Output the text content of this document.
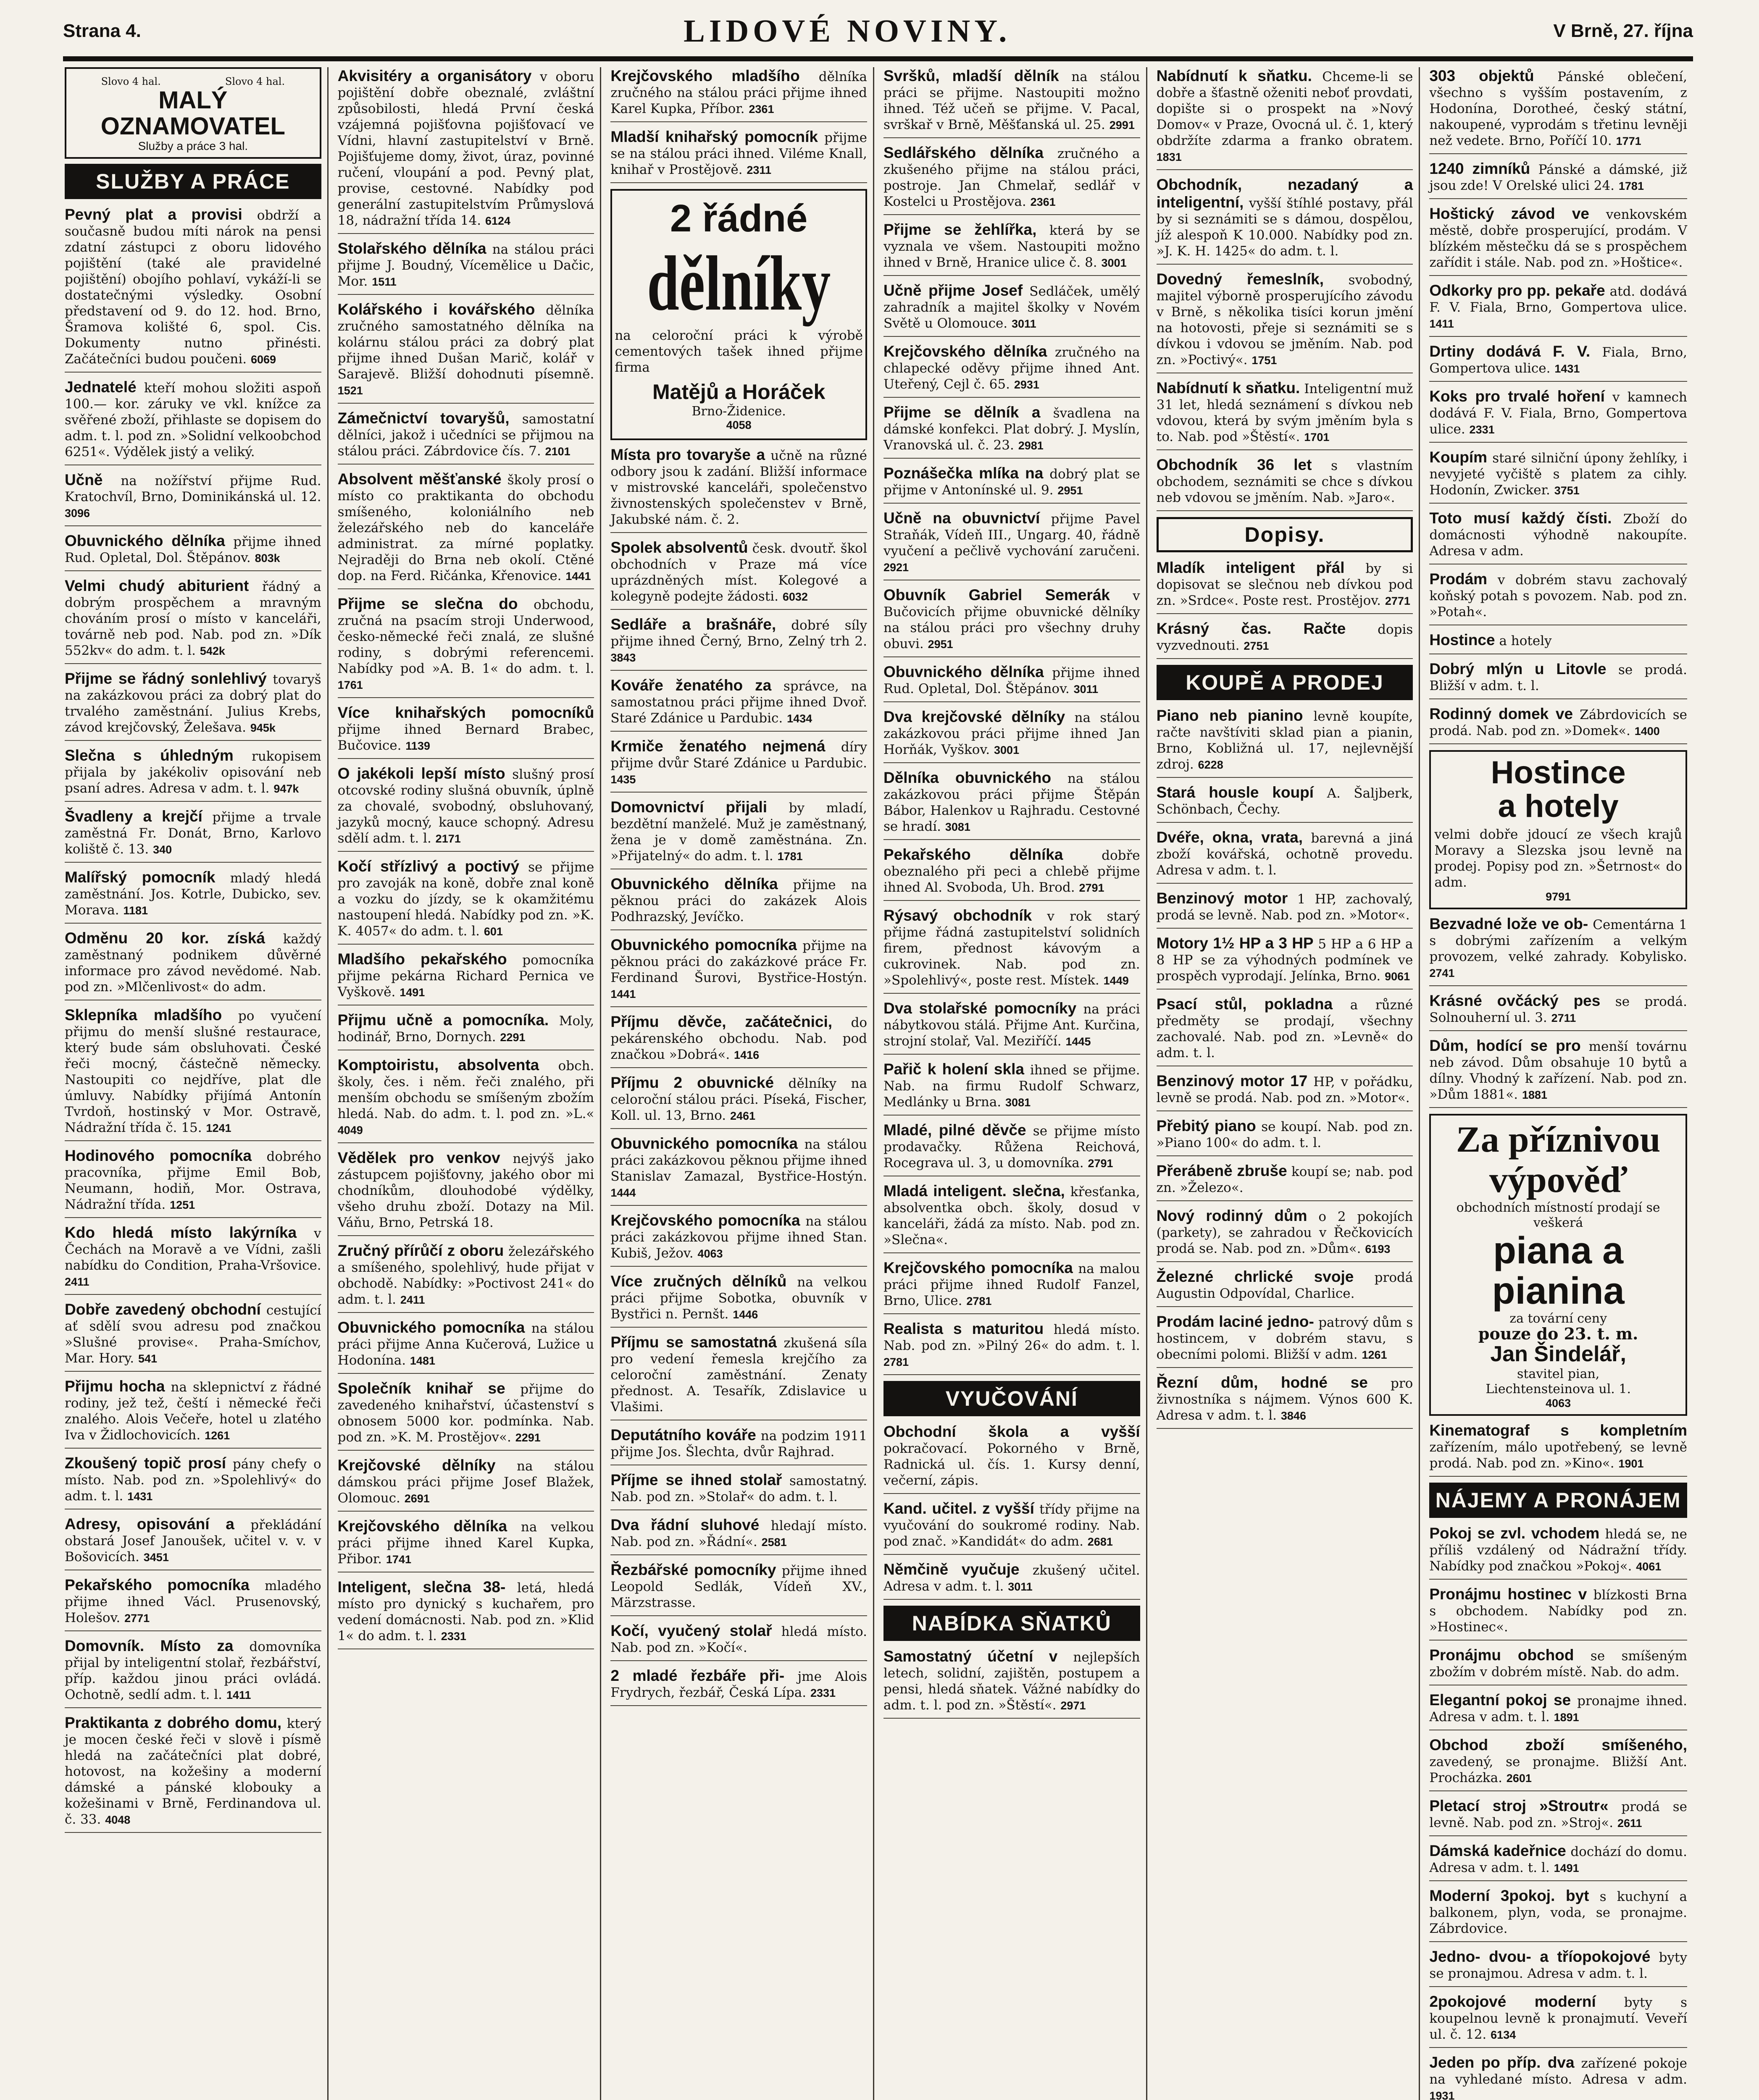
Strana 4.	LIDOVÉ NOVINY.	V Brně, 27. října
Slovo 4 hal.	Slovo 4 hal.
MALÝ OZNAMOVATEL
Služby a práce 3 hal.
SLUŽBY A PRÁCE
Pevný plat a provisi obdrží a současně budou míti nárok na pensi zdatní zástupci z oboru lidového pojištění (také ale pravidelné pojištění) obojího pohlaví, vykáží-li se dostatečnými výsledky. Osobní představení od 9. do 12. hod. Brno, Šramova kolišté 6, spol. Cis. Dokumenty nutno přinésti. Začátečníci budou poučeni. 6069
Jednatelé kteří mohou složiti aspoň 100.— kor. záruky ve vkl. knížce za svěřené zboží, přihlaste se dopisem do adm. t. l. pod zn. »Solidní velkoobchod 6251«. Výdělek jistý a veliký.
Učně na nožířství přijme Rud. Kratochvíl, Brno, Dominikánská ul. 12. 3096
Obuvnického dělníka přijme ihned Rud. Opletal, Dol. Štěpánov. 803k
Velmi chudý abiturient řádný a dobrým prospěchem a mravným chováním prosí o místo v kanceláři, továrně neb pod. Nab. pod zn. »Dík 552kv« do adm. t. l. 542k
Přijme se řádný sonlehlivý tovaryš na zakázkovou práci za dobrý plat do trvalého zaměstnání. Julius Krebs, závod krejčovský, Želešava. 945k
Slečna s úhledným rukopisem přijala by jakékoliv opisování neb psaní adres. Adresa v adm. t. l. 947k
Švadleny a krejčí přijme a trvale zaměstná Fr. Donát, Brno, Karlovo koliště č. 13. 340
Malířský pomocník mladý hledá zaměstnání. Jos. Kotrle, Dubicko, sev. Morava. 1181
Odměnu 20 kor. získá každý zaměstnaný podnikem důvěrné informace pro závod nevědomé. Nab. pod zn. »Mlčenlivost« do adm.
Sklepníka mladšího po vyučení přijmu do menší slušné restaurace, který bude sám obsluhovati. České řeči mocný, částečně německy. Nastoupiti co nejdříve, plat dle úmluvy. Nabídky přijímá Antonín Tvrdoň, hostinský v Mor. Ostravě, Nádražní třída č. 15. 1241
Hodinového pomocníka dobrého pracovníka, přijme Emil Bob, Neumann, hodiň, Mor. Ostrava, Nádražní třída. 1251
Kdo hledá místo lakýrníka v Čechách na Moravě a ve Vídni, zašli nabídku do Condition, Praha-Vršovice. 2411
Dobře zavedený obchodní cestující ať sdělí svou adresu pod značkou »Slušné provise«. Praha-Smíchov, Mar. Hory. 541
Přijmu hocha na sklepnictví z řádné rodiny, jež tež, čeští i německé řeči znalého. Alois Večeře, hotel u zlatého Iva v Židlochovicích. 1261
Zkoušený topič prosí pány chefy o místo. Nab. pod zn. »Spolehlivý« do adm. t. l. 1431
Adresy, opisování a překládání obstará Josef Janoušek, učitel v. v. v Bošovicích. 3451
Pekařského pomocníka mladého přijme ihned Václ. Prusenovský, Holešov. 2771
Domovník. Místo za domovníka přijal by inteligentní stolař, řezbářství, příp. každou jinou práci ovládá. Ochotně, sedlí adm. t. l. 1411
Praktikanta z dobrého domu, který je mocen české řeči v slově i písmě hledá na začátečníci plat dobré, hotovost, na kožešiny a moderní dámské a pánské klobouky a kožešinami v Brně, Ferdinandova ul. č. 33. 4048
Akvisitéry a organisátory v oboru pojištění dobře obeznalé, zvláštní způsobilosti, hledá První česká vzájemná pojišťovna pojišťovací ve Vídni, hlavní zastupitelství v Brně. Pojišťujeme domy, život, úraz, povinné ručení, vloupání a pod. Pevný plat, provise, cestovné. Nabídky pod generální zastupitelstvím Průmyslová 18, nádražní třída 14. 6124
Stolařského dělníka na stálou práci přijme J. Boudný, Vícemělice u Dačic, Mor. 1511
Kolářského i kovářského dělníka zručného samostatného dělníka na kolárnu stálou práci za dobrý plat přijme ihned Dušan Marič, kolář v Sarajevě. Bližší dohodnuti písemně. 1521
Zámečnictví tovaryšů, samostatní dělníci, jakož i učedníci se přijmou na stálou práci. Zábrdovice čís. 7. 2101
Absolvent měšťanské školy prosí o místo co praktikanta do obchodu smíšeného, koloniálního neb železářského neb do kanceláře administrat. za mírné poplatky. Nejraději do Brna neb okolí. Ctěné dop. na Ferd. Ričánka, Křenovice. 1441
Přijme se slečna do obchodu, zručná na psacím stroji Underwood, česko-německé řeči znalá, ze slušné rodiny, s dobrými referencemi. Nabídky pod »A. B. 1« do adm. t. l. 1761
Více knihařských pomocníků přijme ihned Bernard Brabec, Bučovice. 1139
O jakékoli lepší místo slušný prosí otcovské rodiny slušná obuvník, úplně za chovalé, svobodný, obsluhovaný, jazyků mocný, kauce schopný. Adresu sdělí adm. t. l. 2171
Kočí střízlivý a poctivý se přijme pro zavoják na koně, dobře znal koně a vozku do jízdy, se k okamžitému nastoupení hledá. Nabídky pod zn. »K. K. 4057« do adm. t. l. 601
Mladšího pekařského pomocníka přijme pekárna Richard Pernica ve Vyškově. 1491
Přijmu učně a pomocníka. Moly, hodinář, Brno, Dornych. 2291
Komptoiristu, absolventa obch. školy, čes. i něm. řeči znalého, při menším obchodu se smíšeným zbožím hledá. Nab. do adm. t. l. pod zn. »L.« 4049
Vědělek pro venkov nejvýš jako zástupcem pojišťovny, jakého obor mi chodníkům, dlouhodobé výdělky, všeho druhu zboží. Dotazy na Mil. Váňu, Brno, Petrská 18.
Zručný přírůčí z oboru železářského a smíšeného, spolehlivý, hude přijat v obchodě. Nabídky: »Poctivost 241« do adm. t. l. 2411
Obuvnického pomocníka na stálou práci přijme Anna Kučerová, Lužice u Hodonína. 1481
Společník knihař se přijme do zavedeného knihařství, účastenství s obnosem 5000 kor. podmínka. Nab. pod zn. »K. M. Prostějov«. 2291
Krejčovské dělníky na stálou dámskou práci přijme Josef Blažek, Olomouc. 2691
Krejčovského dělníka na velkou práci přijme ihned Karel Kupka, Přibor. 1741
Inteligent, slečna 38- letá, hledá místo pro dynický s kuchařem, pro vedení domácnosti. Nab. pod zn. »Klid 1« do adm. t. l. 2331
Krejčovského mladšího dělníka zručného na stálou práci přijme ihned Karel Kupka, Příbor. 2361
Mladší knihařský pomocník přijme se na stálou práci ihned. Viléme Knall, knihař v Prostějově. 2311
2 řádné
dělníky
na celoroční práci k výrobě cementových tašek ihned přijme firma
Matějů a Horáček
Brno-Židenice.
4058
Místa pro tovaryše a učně na různé odbory jsou k zadání. Bližší informace v mistrovské kanceláři, společenstvo živnostenských společenstev v Brně, Jakubské nám. č. 2.
Spolek absolventů česk. dvoutř. škol obchodních v Praze má více uprázdněných míst. Kolegové a kolegyně podejte žádosti. 6032
Sedláře a brašnáře, dobré síly přijme ihned Černý, Brno, Zelný trh 2. 3843
Kováře ženatého za správce, na samostatnou práci přijme ihned Dvoř. Staré Zdánice u Pardubic. 1434
Krmiče ženatého nejmená díry přijme dvůr Staré Zdánice u Pardubic. 1435
Domovnictví přijali by mladí, bezdětní manželé. Muž je zaměstnaný, žena je v domě zaměstnána. Zn. »Přijatelný« do adm. t. l. 1781
Obuvnického dělníka přijme na pěknou práci do zakázek Alois Podhrazský, Jevíčko.
Obuvnického pomocníka přijme na pěknou práci do zakázkové práce Fr. Ferdinand Šurovi, Bystřice-Hostýn. 1441
Příjmu děvče, začátečnici, do pekárenského obchodu. Nab. pod značkou »Dobrá«. 1416
Příjmu 2 obuvnické dělníky na celoroční stálou práci. Píseká, Fischer, Koll. ul. 13, Brno. 2461
Obuvnického pomocníka na stálou práci zakázkovou pěknou přijme ihned Stanislav Zamazal, Bystřice-Hostýn. 1444
Krejčovského pomocníka na stálou práci zakázkovou přijme ihned Stan. Kubiš, Ježov. 4063
Více zručných dělníků na velkou práci přijme Sobotka, obuvník v Bystřici n. Pernšt. 1446
Příjmu se samostatná zkušená síla pro vedení řemesla krejčího za celoroční zaměstnání. Zenaty přednost. A. Tesařík, Zdislavice u Vlašimi.
Deputátního kováře na podzim 1911 přijme Jos. Šlechta, dvůr Rajhrad.
Příjme se ihned stolař samostatný. Nab. pod zn. »Stolař« do adm. t. l.
Dva řádní sluhové hledají místo. Nab. pod zn. »Řádní«. 2581
Řezbářské pomocníky přijme ihned Leopold Sedlák, Vídeň XV., Märzstrasse.
Kočí, vyučený stolař hledá místo. Nab. pod zn. »Kočí«.
2 mladé řezbáře při- jme Alois Frydrych, řezbář, Česká Lípa. 2331
Svršků, mladší dělník na stálou práci se přijme. Nastoupiti možno ihned. Též učeň se přijme. V. Pacal, svrškař v Brně, Měšťanská ul. 25. 2991
Sedlářského dělníka zručného a zkušeného přijme na stálou práci, postroje. Jan Chmelař, sedlář v Kostelci u Prostějova. 2361
Přijme se žehlířka, která by se vyznala ve všem. Nastoupiti možno ihned v Brně, Hranice ulice č. 8. 3001
Učně přijme Josef Sedláček, umělý zahradník a majitel školky v Novém Světě u Olomouce. 3011
Krejčovského dělníka zručného na chlapecké oděvy přijme ihned Ant. Uteřený, Cejl č. 65. 2931
Přijme se dělník a švadlena na dámské konfekci. Plat dobrý. J. Myslín, Vranovská ul. č. 23. 2981
Poznášečka mlíka na dobrý plat se přijme v Antonínské ul. 9. 2951
Učně na obuvnictví přijme Pavel Straňák, Vídeň III., Ungarg. 40, řádně vyučení a pečlivě vychování zaručeni. 2921
Obuvník Gabriel Semerák v Bučovicích přijme obuvnické dělníky na stálou práci pro všechny druhy obuvi. 2951
Obuvnického dělníka přijme ihned Rud. Opletal, Dol. Štěpánov. 3011
Dva krejčovské dělníky na stálou zakázkovou práci přijme ihned Jan Horňák, Vyškov. 3001
Dělníka obuvnického na stálou zakázkovou práci přijme Štěpán Bábor, Halenkov u Rajhradu. Cestovné se hradí. 3081
Pekařského dělníka	dobře obeznalého při peci a chlebě přijme ihned Al. Svoboda, Uh. Brod. 2791
Rýsavý obchodník v rok starý přijme řádná zastupitelství solidních firem, přednost kávovým a cukrovinek. Nab. pod zn. »Spolehlivý«, poste rest. Místek. 1449
Dva stolařské pomocníky na práci nábytkovou stálá. Přijme Ant. Kurčina, strojní stolař, Val. Meziříčí. 1445
Pařič k holení skla ihned se přijme. Nab. na firmu Rudolf Schwarz, Medlánky u Brna. 3081
Mladé, pilné děvče se přijme místo prodavačky. Růžena Reichová, Rocegrava ul. 3, u domovníka. 2791
Mladá inteligent. slečna, křesťanka, absolventka obch. školy, dosud v kanceláři, žádá za místo. Nab. pod zn. »Slečna«.
Krejčovského pomocníka na malou práci přijme ihned Rudolf Fanzel, Brno, Ulice. 2781
Realista s maturitou hledá místo. Nab. pod zn. »Pilný 26« do adm. t. l. 2781
VYUČOVÁNÍ
Obchodní škola a vyšší pokračovací. Pokorného v Brně, Radnická ul. čís. 1. Kursy denní, večerní, zápis.
Kand. učitel. z vyšší třídy přijme na vyučování do soukromé rodiny. Nab. pod znač. »Kandidát« do adm. 2681
Němčině vyučuje zkušený učitel. Adresa v adm. t. l. 3011
NABÍDKA SŇATKŮ
Samostatný účetní v nejlepších letech, solidní, zajištěn, postupem a pensi, hledá sňatek. Vážné nabídky do adm. t. l. pod zn. »Štěstí«. 2971
Nabídnutí k sňatku. Chceme-li se dobře a šťastně oženiti neboť provdati, dopište si o prospekt na »Nový Domov« v Praze, Ovocná ul. č. 1, který obdržíte zdarma a franko obratem. 1831
Obchodník, nezadaný a inteligentní, vyšší štíhlé postavy, přál by si seznámiti se s dámou, dospělou, jíž alespoň K 10.000. Nabídky pod zn. »J. K. H. 1425« do adm. t. l.
Dovedný řemeslník, svobodný, majitel výborně prosperujícího závodu v Brně, s několika tisíci korun jmění na hotovosti, přeje si seznámiti se s dívkou i vdovou se jměním. Nab. pod zn. »Poctivý«. 1751
Nabídnutí k sňatku. Inteligentní muž 31 let, hledá seznámení s dívkou neb vdovou, která by svým jměním byla s to. Nab. pod »Štěstí«. 1701
Obchodník 36 let s vlastním obchodem, seznámiti se chce s dívkou neb vdovou se jměním. Nab. »Jaro«.
Dopisy.
Mladík inteligent přál by si dopisovat se slečnou neb dívkou pod zn. »Srdce«. Poste rest. Prostějov. 2771
Krásný čas. Račte dopis vyzvednouti. 2751
KOUPĚ A PRODEJ
Piano neb pianino levně koupíte, račte navštíviti sklad pian a pianin, Brno, Kobližná ul. 17, nejlevnější zdroj. 6228
Stará housle koupí A. Šaljberk, Schönbach, Čechy.
Dvéře, okna, vrata, barevná a jiná zboží kovářská, ochotně provedu. Adresa v adm. t. l.
Benzinový motor 1 HP, zachovalý, prodá se levně. Nab. pod zn. »Motor«.
Motory 1½ HP a 3 HP 5 HP a 6 HP a 8 HP se za výhodných podmínek ve prospěch vyprodají. Jelínka, Brno. 9061
Psací stůl, pokladna a různé předměty se prodají, všechny zachovalé. Nab. pod zn. »Levně« do adm. t. l.
Benzinový motor 17 HP, v pořádku, levně se prodá. Nab. pod zn. »Motor«.
Přebitý piano se koupí. Nab. pod zn. »Piano 100« do adm. t. l.
Přerábeně zbruše koupí se; nab. pod zn. »Železo«.
Nový rodinný dům o 2 pokojích (parkety), se zahradou v Řečkovicích prodá se. Nab. pod zn. »Dům«. 6193
Železné chrlické svoje prodá Augustin Odpovídal, Charlice.
Prodám laciné jedno- patrový dům s hostincem, v dobrém stavu, s obecními polomi. Bližší v adm. 1261
Řezní dům, hodné se pro živnostníka s nájmem. Výnos 600 K. Adresa v adm. t. l. 3846
303 objektů Pánské oblečení, všechno s vyšším postavením, z Hodonína, Dorotheé, český státní, nakoupené, vyprodám s třetinu levněji než vedete. Brno, Poříčí 10. 1771
1240 zimníků Pánské a dámské, již jsou zde! V Orelské ulici 24. 1781
Hoštický závod ve venkovském městě, dobře prosperující, prodám. V blízkém městečku dá se s prospěchem zařídit i stále. Nab. pod zn. »Hoštice«.
Odkorky pro pp. pekaře atd. dodává F. V. Fiala, Brno, Gompertova ulice. 1411
Drtiny dodává F. V. Fiala, Brno, Gompertova ulice. 1431
Koks pro trvalé hoření v kamnech dodává F. V. Fiala, Brno, Gompertova ulice. 2331
Koupím staré silniční úpony žehlíky, i nevyjeté vyčiště s platem za cihly. Hodonín, Zwicker. 3751
Toto musí každý čísti. Zboží do domácnosti výhodně nakoupíte. Adresa v adm.
Prodám v dobrém stavu zachovalý koňský potah s povozem. Nab. pod zn. »Potah«.
Hostince a hotely
Dobrý mlýn u Litovle se prodá. Bližší v adm. t. l.
Rodinný domek ve Zábrdovicích se prodá. Nab. pod zn. »Domek«. 1400
Hostince
a hotely
velmi dobře jdoucí ze všech krajů Moravy a Slezska jsou levně na prodej. Popisy pod zn. »Šetrnost« do adm.
9791
Bezvadné lože ve ob- Cementárna 1 s dobrými zařízením a velkým provozem, velké zahrady. Kobylisko. 2741
Krásné ovčácký pes se prodá. Solnouherní ul. 3. 2711
Dům, hodící se pro menší továrnu neb závod. Dům obsahuje 10 bytů a dílny. Vhodný k zařízení. Nab. pod zn. »Dům 1881«. 1881
Za příznivou výpověď
obchodních místností prodají se veškerá
piana a pianina
za tovární ceny
pouze do 23. t. m.
Jan Šindelář,
stavitel pian,
Liechtensteinova ul. 1.
4063
Kinematograf s kompletním zařízením, málo upotřebený, se levně prodá. Nab. pod zn. »Kino«. 1901
NÁJEMY A PRONÁJEM
Pokoj se zvl. vchodem hledá se, ne příliš vzdálený od Nádražní třídy. Nabídky pod značkou »Pokoj«. 4061
Pronájmu hostinec v blízkosti Brna s obchodem. Nabídky pod zn. »Hostinec«.
Pronájmu obchod se smíšeným zbožím v dobrém místě. Nab. do adm.
Elegantní pokoj se pronajme ihned. Adresa v adm. t. l. 1891
Obchod zboží smíšeného, zavedený, se pronajme. Bližší Ant. Procházka. 2601
Pletací stroj »Stroutr« prodá se levně. Nab. pod zn. »Stroj«. 2611
Dámská kadeřnice dochází do domu. Adresa v adm. t. l. 1491
Moderní 3pokoj. byt s kuchyní a balkonem, plyn, voda, se pronajme. Zábrdovice.
Jedno- dvou- a tříopokojové byty se pronajmou. Adresa v adm. t. l.
2pokojové moderní byty s koupelnou levně k pronajmutí. Veveří ul. č. 12. 6134
Jeden po příp. dva zařízené pokoje na vyhledané místo. Adresa v adm. 1931
